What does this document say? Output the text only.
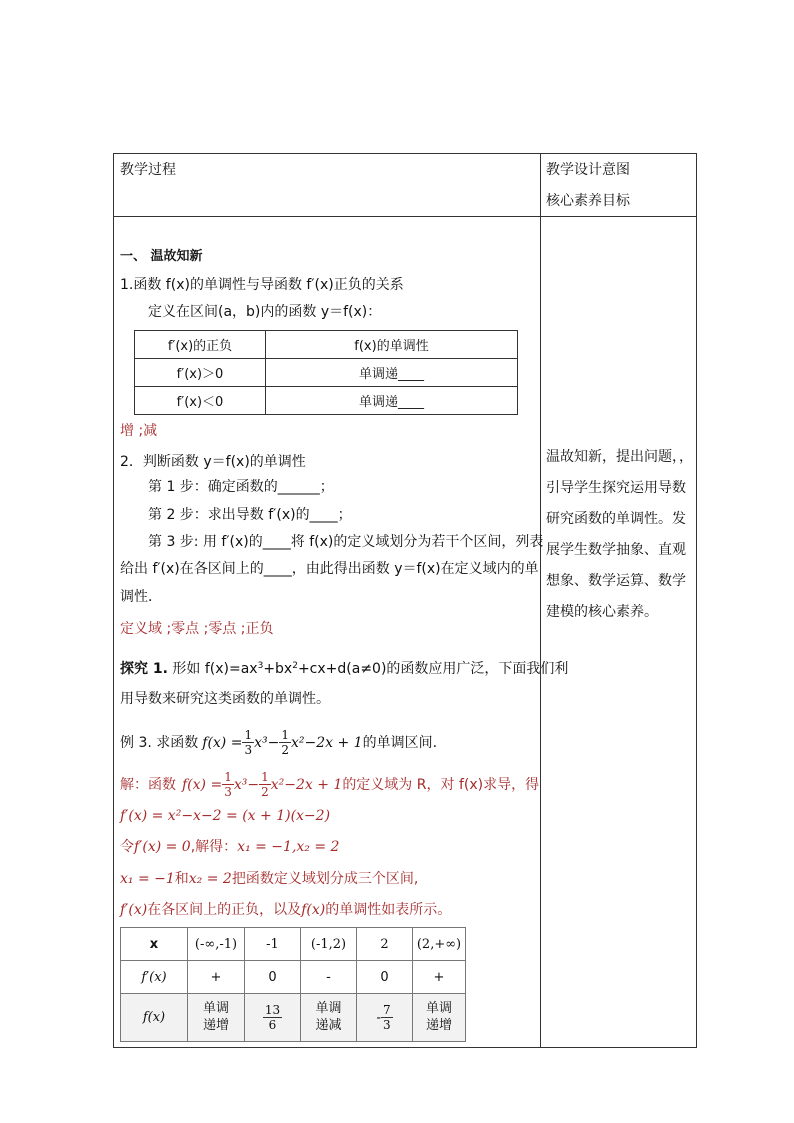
教学过程	教学设计意图
核心素养目标
一、 温故知新
1.函数 f(x)的单调性与导函数 f′(x)正负的关系
定义在区间(a，b)内的函数 y＝f(x)：
f′(x)的正负	f(x)的单调性
f′(x)＞0	单调递____
f′(x)＜0	单调递____
增 ;减
2．判断函数 y＝f(x)的单调性
第 1 步：确定函数的______；
第 2 步：求出导数 f′(x)的____；
第 3 步: 用 f′(x)的____将 f(x)的定义域划分为若干个区间，列表
给出 f′(x)在各区间上的____，由此得出函数 y＝f(x)在定义域内的单
调性．
定义域 ;零点 ;零点 ;正负
探究 1. 形如 $f(x)=ax^3+bx^2+cx+d(a\ne 0)$的函数应用广泛，下面我们利
用导数来研究这类函数的单调性。
例 3. 求函数 $f(x) = \frac{1}{3} x^3- \frac{1}{2} x^2-2x + 1$ 的单调区间.
解：函数 $f(x) = \frac{1}{3} x^3- \frac{1}{2} x^2-2x + 1$ 的定义域为 R，对 f(x)求导，得
f′(x) = x²−x−2 = (x + 1)(x−2)
令f′(x) = 0,解得：x₁ = −1,x₂ = 2
x₁ = −1和x₂ = 2把函数定义域划分成三个区间,
f′(x)在各区间上的正负，以及f(x)的单调性如表所示。
x	(-∞,-1)	-1	(-1,2)	2	(2,+∞)
f′(x)	+	0	-	0	+
f(x)	单调递增	$\frac{13}{6}$	单调递减	- $\frac{7}{3}$	单调递增
温故知新，提出问题，，引导学生探究运用导数研究函数的单调性。发展学生数学抽象、直观想象、数学运算、数学建模的核心素养。
